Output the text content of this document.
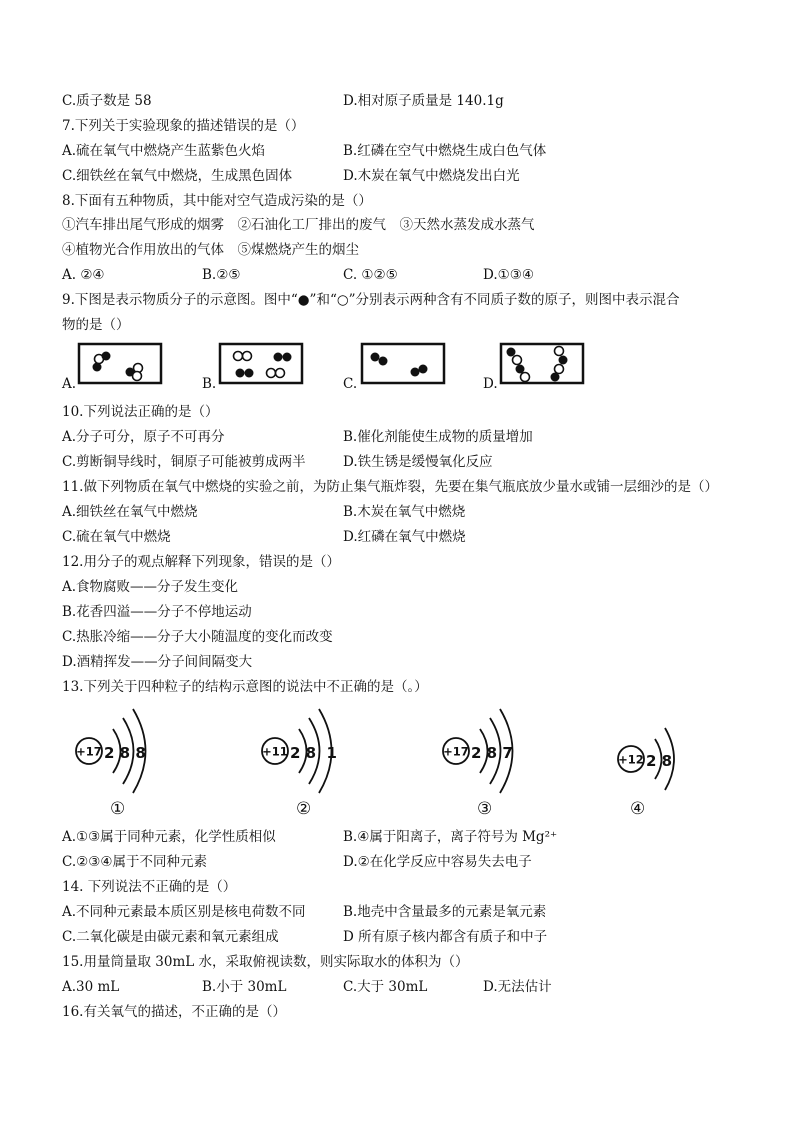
C.质子数是 58	D.相对原子质量是 140.1g
7.下列关于实验现象的描述错误的是（）
A.硫在氧气中燃烧产生蓝紫色火焰	B.红磷在空气中燃烧生成白色气体
C.细铁丝在氧气中燃烧，生成黑色固体	D.木炭在氧气中燃烧发出白光
8.下面有五种物质，其中能对空气造成污染的是（）
①汽车排出尾气形成的烟雾　②石油化工厂排出的废气　③天然水蒸发成水蒸气
④植物光合作用放出的气体　⑤煤燃烧产生的烟尘
A. ②④	B.②⑤	C. ①②⑤	D.①③④
9.下图是表示物质分子的示意图。图中“●”和“○”分别表示两种含有不同质子数的原子，则图中表示混合
物的是（）
A.	B.	C.	D.
10.下列说法正确的是（）
A.分子可分，原子不可再分	B.催化剂能使生成物的质量增加
C.剪断铜导线时，铜原子可能被剪成两半	D.铁生锈是缓慢氧化反应
11.做下列物质在氧气中燃烧的实验之前，为防止集气瓶炸裂，先要在集气瓶底放少量水或铺一层细沙的是（）
A.细铁丝在氧气中燃烧	B.木炭在氧气中燃烧
C.硫在氧气中燃烧	D.红磷在氧气中燃烧
12.用分子的观点解释下列现象，错误的是（）
A.食物腐败——分子发生变化
B.花香四溢——分子不停地运动
C.热胀冷缩——分子大小随温度的变化而改变
D.酒精挥发——分子间间隔变大
13.下列关于四种粒子的结构示意图的说法中不正确的是（。）
+17 2 8 8
①
+11 2 8  1
②
+17 2 8 7
③
+12 2 8
④
A.①③属于同种元素，化学性质相似	B.④属于阳离子，离子符号为 Mg²⁺
C.②③④属于不同种元素	D.②在化学反应中容易失去电子
14. 下列说法不正确的是（）
A.不同种元素最本质区别是核电荷数不同	B.地壳中含量最多的元素是氧元素
C.二氧化碳是由碳元素和氧元素组成	D 所有原子核内都含有质子和中子
15.用量筒量取 30mL 水，采取俯视读数，则实际取水的体积为（）
A.30 mL	B.小于 30mL	C.大于 30mL	D.无法估计
16.有关氧气的描述，不正确的是（）
